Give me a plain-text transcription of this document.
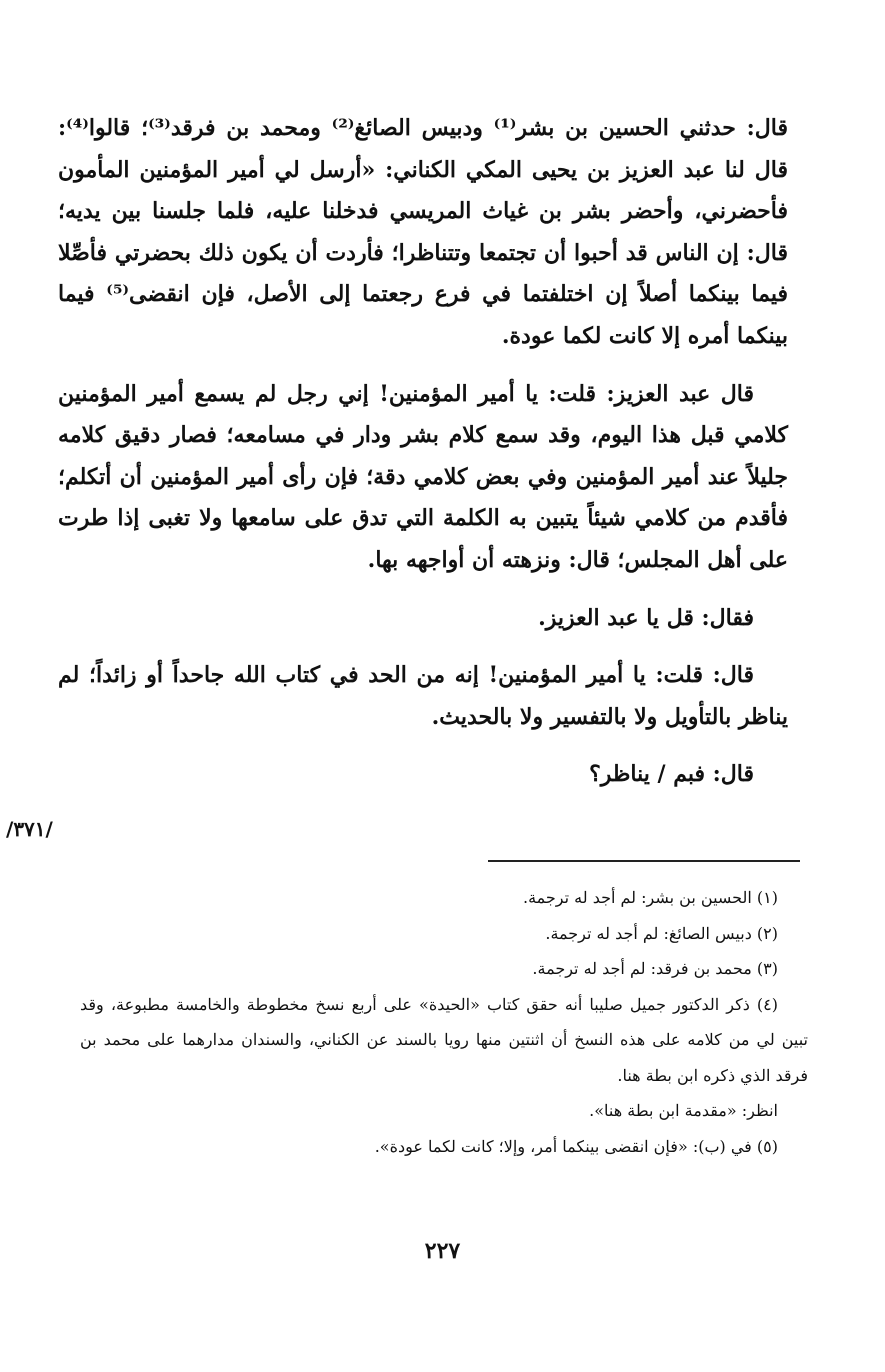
قال: حدثني الحسين بن بشر⁽¹⁾ ودبيس الصائغ⁽²⁾ ومحمد بن فرقد⁽³⁾؛ قالوا⁽⁴⁾: قال لنا عبد العزيز بن يحيى المكي الكناني: «أرسل لي أمير المؤمنين المأمون فأحضرني، وأحضر بشر بن غياث المريسي فدخلنا عليه، فلما جلسنا بين يديه؛ قال: إن الناس قد أحبوا أن تجتمعا وتتناظرا؛ فأردت أن يكون ذلك بحضرتي فأصِّلا فيما بينكما أصلاً إن اختلفتما في فرع رجعتما إلى الأصل، فإن انقضى⁽⁵⁾ فيما بينكما أمره إلا كانت لكما عودة.

قال عبد العزيز: قلت: يا أمير المؤمنين! إني رجل لم يسمع أمير المؤمنين كلامي قبل هذا اليوم، وقد سمع كلام بشر ودار في مسامعه؛ فصار دقيق كلامه جليلاً عند أمير المؤمنين وفي بعض كلامي دقة؛ فإن رأى أمير المؤمنين أن أتكلم؛ فأقدم من كلامي شيئاً يتبين به الكلمة التي تدق على سامعها ولا تغبى إذا طرت على أهل المجلس؛ قال: ونزهته أن أواجهه بها.

فقال: قل يا عبد العزيز.

قال: قلت: يا أمير المؤمنين! إنه من الحد في كتاب الله جاحداً أو زائداً؛ لم يناظر بالتأويل ولا بالتفسير ولا بالحديث.

قال: فبم / يناظر؟

/٣٧١/

(١) الحسين بن بشر: لم أجد له ترجمة.

(٢) دبيس الصائغ: لم أجد له ترجمة.

(٣) محمد بن فرقد: لم أجد له ترجمة.

(٤) ذكر الدكتور جميل صليبا أنه حقق كتاب «الحيدة» على أربع نسخ مخطوطة والخامسة مطبوعة، وقد تبين لي من كلامه على هذه النسخ أن اثنتين منها رويا بالسند عن الكناني، والسندان مدارهما على محمد بن فرقد الذي ذكره ابن بطة هنا.

انظر: «مقدمة ابن بطة هنا».

(٥) في (ب): «فإن انقضى بينكما أمر، وإلا؛ كانت لكما عودة».

٢٢٧
